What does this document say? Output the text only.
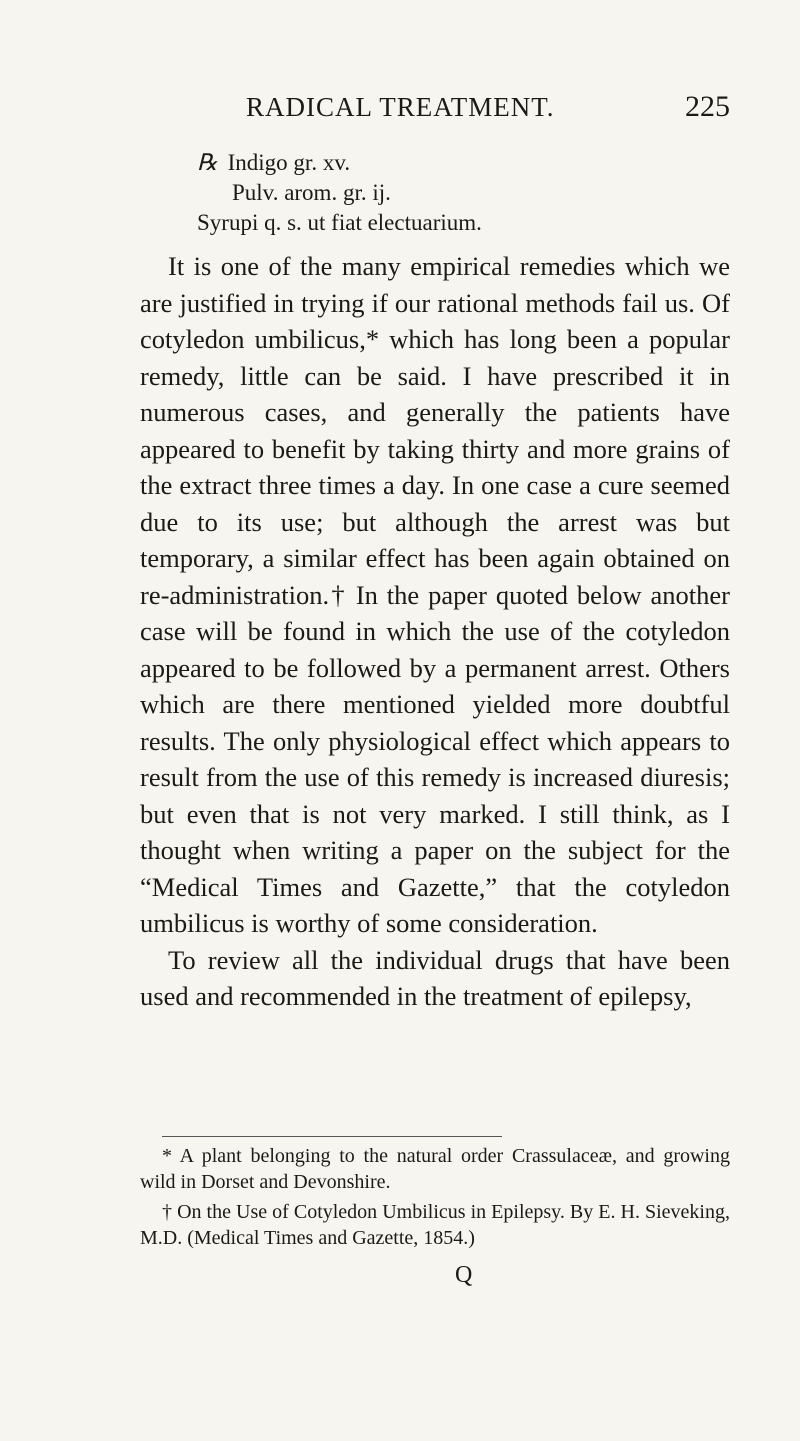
RADICAL TREATMENT.	225
℞ Indigo gr. xv.
Pulv. arom. gr. ij.
Syrupi q. s. ut fiat electuarium.

It is one of the many empirical remedies which we are justified in trying if our rational methods fail us. Of cotyledon umbilicus,* which has long been a popular remedy, little can be said. I have prescribed it in numerous cases, and generally the patients have appeared to benefit by taking thirty and more grains of the extract three times a day. In one case a cure seemed due to its use; but although the arrest was but temporary, a similar effect has been again obtained on re-administration.† In the paper quoted below another case will be found in which the use of the cotyledon appeared to be followed by a permanent arrest. Others which are there mentioned yielded more doubtful results. The only physiological effect which appears to result from the use of this remedy is increased diuresis; but even that is not very marked. I still think, as I thought when writing a paper on the subject for the “Medical Times and Gazette,” that the cotyledon umbilicus is worthy of some consideration.

To review all the individual drugs that have been used and recommended in the treatment of epilepsy,

* A plant belonging to the natural order Crassulaceæ, and growing wild in Dorset and Devonshire.

† On the Use of Cotyledon Umbilicus in Epilepsy. By E. H. Sieveking, M.D. (Medical Times and Gazette, 1854.)

Q
